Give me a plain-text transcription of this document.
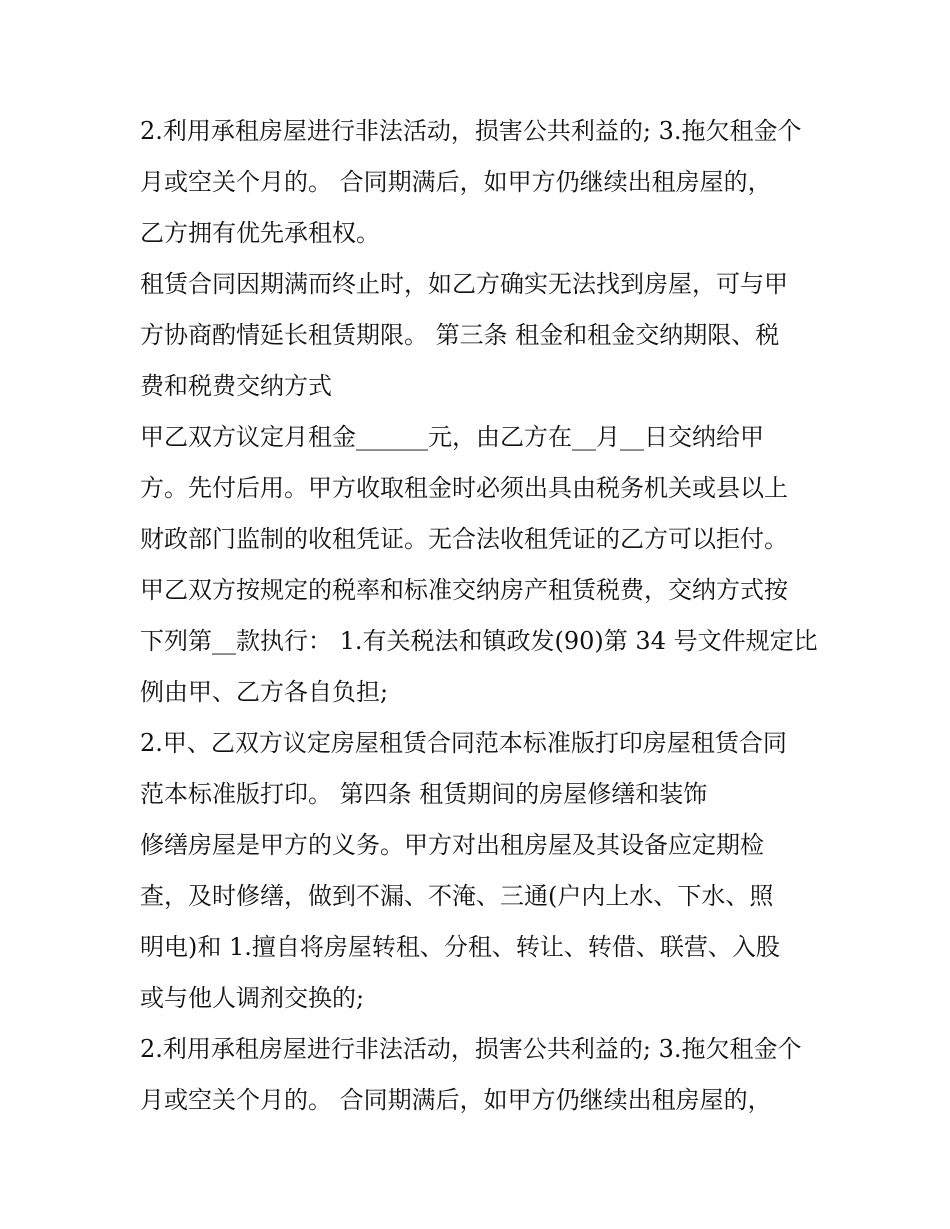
2.利用承租房屋进行非法活动，损害公共利益的; 3.拖欠租金个
月或空关个月的。 合同期满后，如甲方仍继续出租房屋的，
乙方拥有优先承租权。
租赁合同因期满而终止时，如乙方确实无法找到房屋，可与甲
方协商酌情延长租赁期限。 第三条 租金和租金交纳期限、税
费和税费交纳方式
甲乙双方议定月租金______元，由乙方在__月__日交纳给甲
方。先付后用。甲方收取租金时必须出具由税务机关或县以上
财政部门监制的收租凭证。无合法收租凭证的乙方可以拒付。
甲乙双方按规定的税率和标准交纳房产租赁税费，交纳方式按
下列第__款执行： 1.有关税法和镇政发(90)第 34 号文件规定比
例由甲、乙方各自负担;
2.甲、乙双方议定房屋租赁合同范本标准版打印房屋租赁合同
范本标准版打印。 第四条 租赁期间的房屋修缮和装饰
修缮房屋是甲方的义务。甲方对出租房屋及其设备应定期检
查，及时修缮，做到不漏、不淹、三通(户内上水、下水、照
明电)和 1.擅自将房屋转租、分租、转让、转借、联营、入股
或与他人调剂交换的;
2.利用承租房屋进行非法活动，损害公共利益的; 3.拖欠租金个
月或空关个月的。 合同期满后，如甲方仍继续出租房屋的，
